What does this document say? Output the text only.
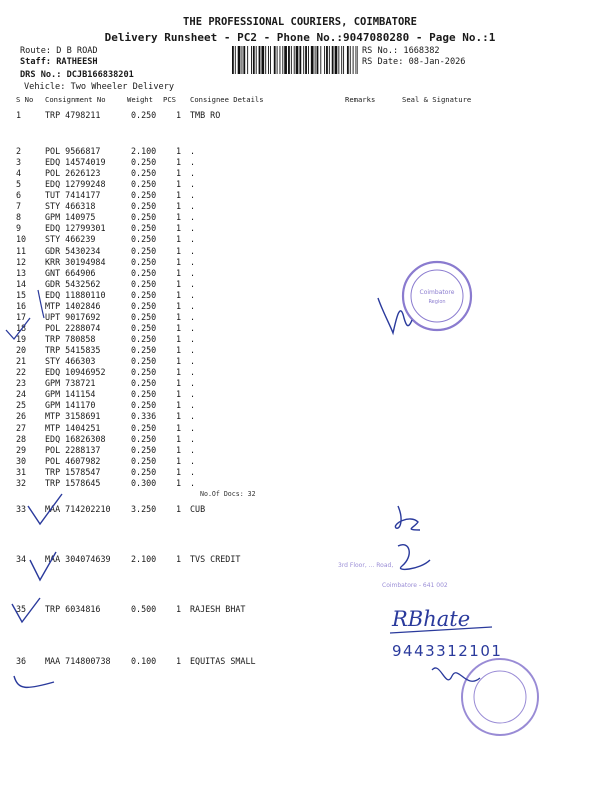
THE PROFESSIONAL COURIERS, COIMBATORE
Delivery Runsheet - PC2 - Phone No.:9047080280 - Page No.:1
Route: D B ROAD
Staff: RATHEESH
DRS No.: DCJB166838201
Vehicle: Two Wheeler Delivery
RS No.: 1668382
RS Date: 08-Jan-2026
S No Consignment No	Weight PCS Consignee Details	Remarks	Seal & Signature
1	TRP 4798211	0.250 1 TMB RO
2	POL 9566817	2.100 1 .
3	EDQ 14574019	0.250 1 .
4	POL 2626123	0.250 1 .
5	EDQ 12799248	0.250 1 .
6	TUT 7414177	0.250 1 .
7	STY 466318	0.250 1 .
8	GPM 140975	0.250 1 .
9	EDQ 12799301	0.250 1 .
10 STY 466239	0.250 1 .
11 GDR 5430234	0.250 1 .
12 KRR 30194984	0.250 1 .
13 GNT 664906	0.250 1 .
14 GDR 5432562	0.250 1 .
15 EDQ 11880110	0.250 1 .
16 MTP 1402846	0.250 1 .
17 UPT 9017692	0.250 1 .
18 POL 2288074	0.250 1 .
19 TRP 780858	0.250 1 .
20 TRP 5415835	0.250 1 .
21 STY 466303	0.250 1 .
22 EDQ 10946952	0.250 1 .
23 GPM 738721	0.250 1 .
24 GPM 141154	0.250 1 .
25 GPM 141170	0.250 1 .
26 MTP 3158691	0.336 1 .
27 MTP 1404251	0.250 1 .
28 EDQ 16826308	0.250 1 .
29 POL 2288137	0.250 1 .
30 POL 4607982	0.250 1 .
31 TRP 1578547	0.250 1 .
32 TRP 1578645	0.300 1 .
33 MAA 714202210 3.250 1 CUB
34 MAA 304074639 2.100 1 TVS CREDIT
35 TRP 6034816	0.500 1 RAJESH BHAT
36 MAA 714800738 0.100 1 EQUITAS SMALL
No.Of Docs: 32
Coimbatore
Region
3rd Floor, ... Road,
Coimbatore - 641 002
RBhate
9443312101
